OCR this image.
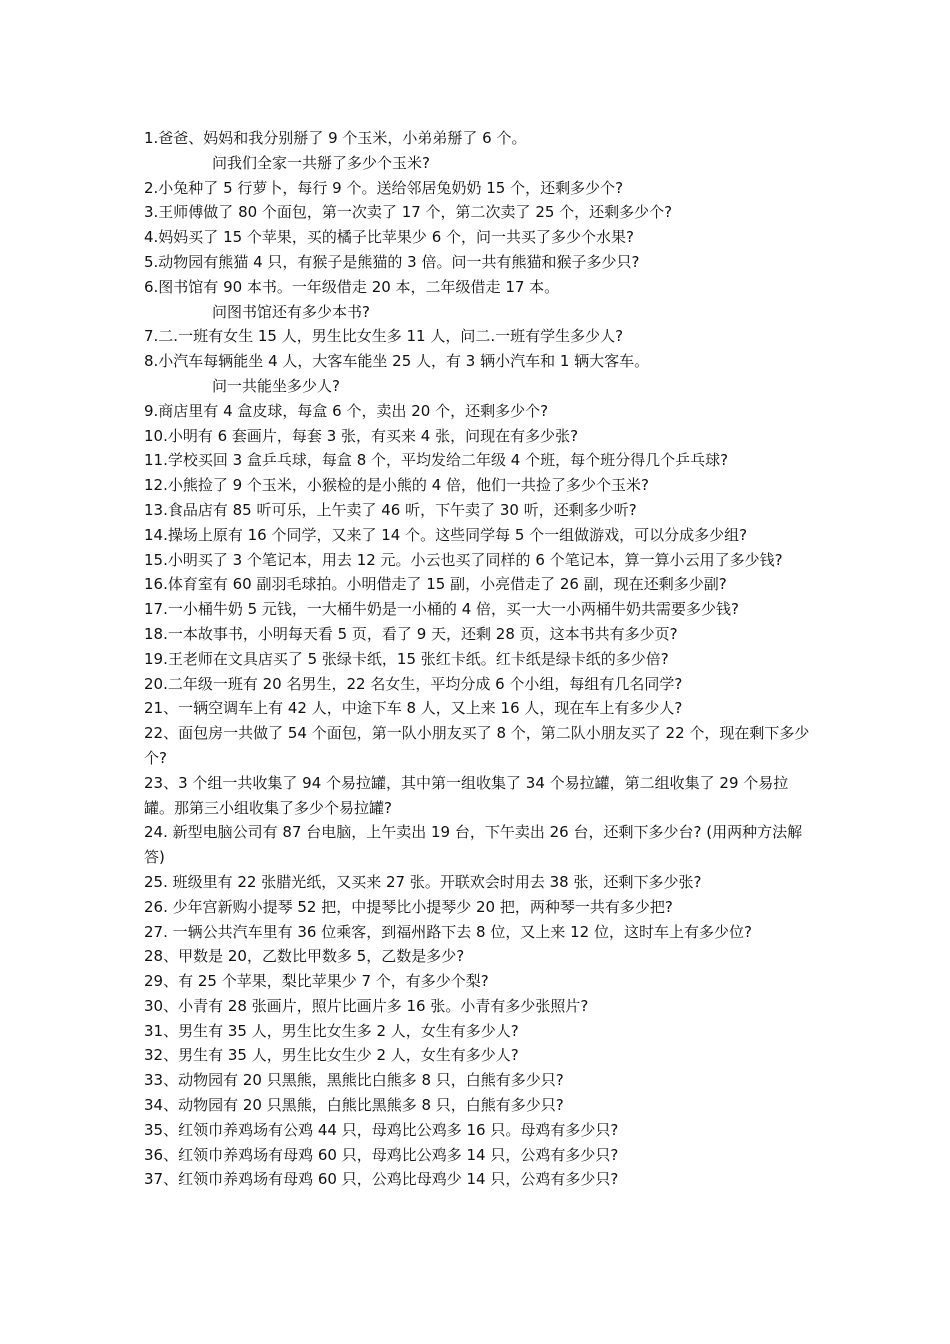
1.爸爸、妈妈和我分别掰了 9 个玉米，小弟弟掰了 6 个。

问我们全家一共掰了多少个玉米?

2.小兔种了 5 行萝卜，每行 9 个。送给邻居兔奶奶 15 个，还剩多少个?

3.王师傅做了 80 个面包，第一次卖了 17 个，第二次卖了 25 个，还剩多少个?

4.妈妈买了 15 个苹果，买的橘子比苹果少 6 个，问一共买了多少个水果?

5.动物园有熊猫 4 只，有猴子是熊猫的 3 倍。问一共有熊猫和猴子多少只?

6.图书馆有 90 本书。一年级借走 20 本，二年级借走 17 本。

问图书馆还有多少本书?

7.二.一班有女生 15 人，男生比女生多 11 人，问二.一班有学生多少人?

8.小汽车每辆能坐 4 人，大客车能坐 25 人，有 3 辆小汽车和 1 辆大客车。

问一共能坐多少人?

9.商店里有 4 盒皮球，每盒 6 个，卖出 20 个，还剩多少个?

10.小明有 6 套画片，每套 3 张，有买来 4 张，问现在有多少张?

11.学校买回 3 盒乒乓球，每盒 8 个，平均发给二年级 4 个班，每个班分得几个乒乓球?

12.小熊捡了 9 个玉米，小猴检的是小熊的 4 倍，他们一共捡了多少个玉米?

13.食品店有 85 听可乐，上午卖了 46 听，下午卖了 30 听，还剩多少听?

14.操场上原有 16 个同学，又来了 14 个。这些同学每 5 个一组做游戏，可以分成多少组?

15.小明买了 3 个笔记本，用去 12 元。小云也买了同样的 6 个笔记本，算一算小云用了多少钱?

16.体育室有 60 副羽毛球拍。小明借走了 15 副，小亮借走了 26 副，现在还剩多少副?

17.一小桶牛奶 5 元钱，一大桶牛奶是一小桶的 4 倍，买一大一小两桶牛奶共需要多少钱?

18.一本故事书，小明每天看 5 页，看了 9 天，还剩 28 页，这本书共有多少页?

19.王老师在文具店买了 5 张绿卡纸，15 张红卡纸。红卡纸是绿卡纸的多少倍?

20.二年级一班有 20 名男生，22 名女生，平均分成 6 个小组，每组有几名同学?

21、一辆空调车上有 42 人，中途下车 8 人，又上来 16 人，现在车上有多少人?

22、面包房一共做了 54 个面包，第一队小朋友买了 8 个，第二队小朋友买了 22 个，现在剩下多少个?

23、3 个组一共收集了 94 个易拉罐，其中第一组收集了 34 个易拉罐，第二组收集了 29 个易拉罐。那第三小组收集了多少个易拉罐?

24. 新型电脑公司有 87 台电脑，上午卖出 19 台，下午卖出 26 台，还剩下多少台? (用两种方法解答)

25. 班级里有 22 张腊光纸，又买来 27 张。开联欢会时用去 38 张，还剩下多少张?

26. 少年宫新购小提琴 52 把，中提琴比小提琴少 20 把，两种琴一共有多少把?

27. 一辆公共汽车里有 36 位乘客，到福州路下去 8 位，又上来 12 位，这时车上有多少位?

28、甲数是 20，乙数比甲数多 5，乙数是多少?

29、有 25 个苹果，梨比苹果少 7 个，有多少个梨?

30、小青有 28 张画片，照片比画片多 16 张。小青有多少张照片?

31、男生有 35 人，男生比女生多 2 人，女生有多少人?

32、男生有 35 人，男生比女生少 2 人，女生有多少人?

33、动物园有 20 只黑熊，黑熊比白熊多 8 只，白熊有多少只?

34、动物园有 20 只黑熊，白熊比黑熊多 8 只，白熊有多少只?

35、红领巾养鸡场有公鸡 44 只，母鸡比公鸡多 16 只。母鸡有多少只?

36、红领巾养鸡场有母鸡 60 只，母鸡比公鸡多 14 只，公鸡有多少只?

37、红领巾养鸡场有母鸡 60 只，公鸡比母鸡少 14 只，公鸡有多少只?
